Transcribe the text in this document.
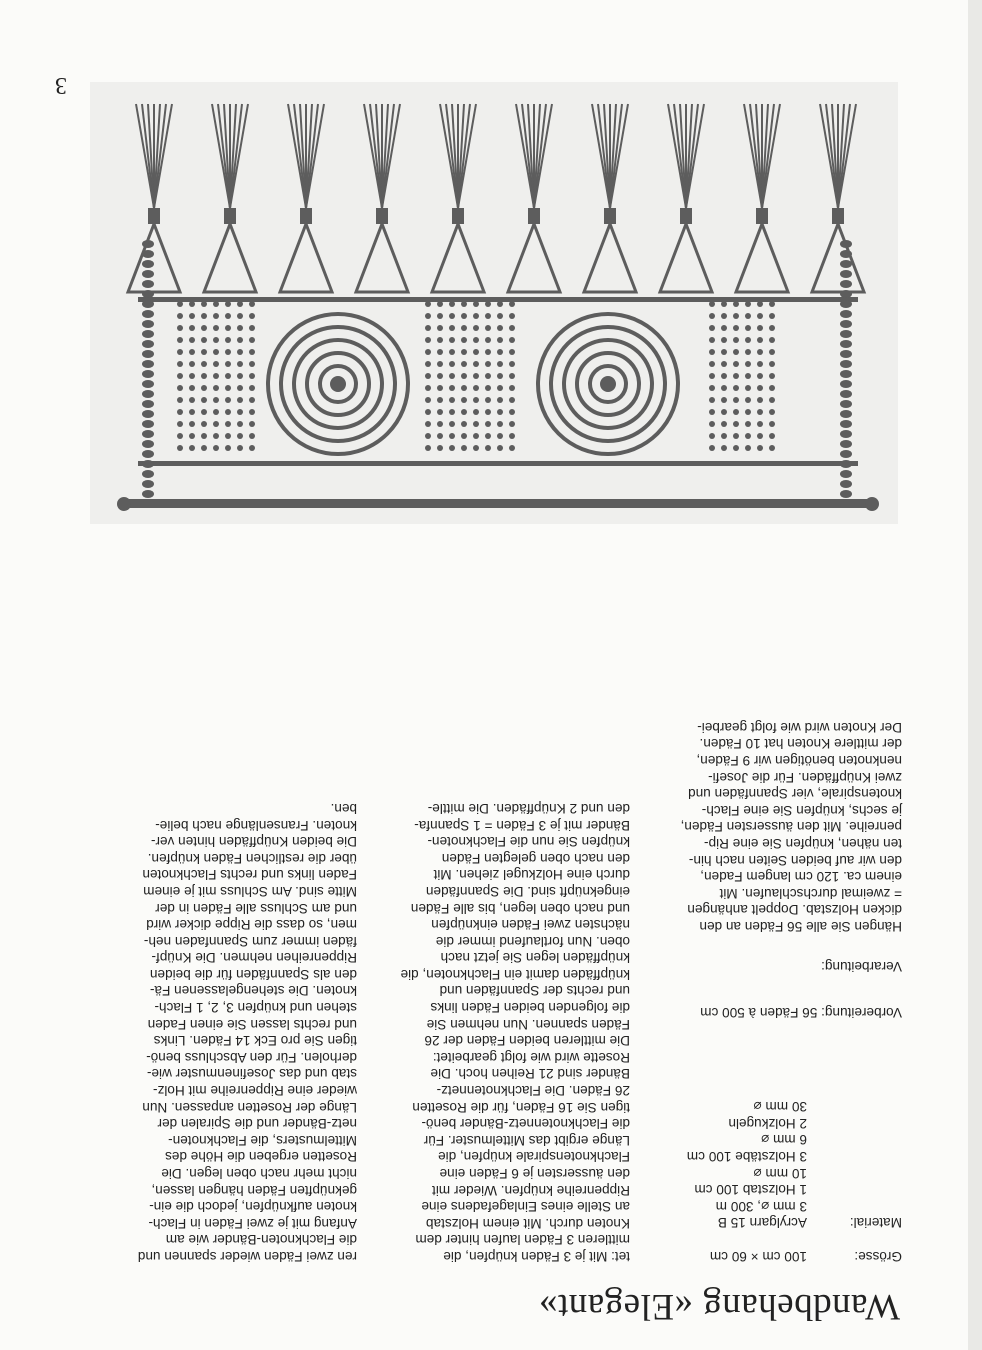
3
Wandbehang «Elegant»
Grösse:
100 cm × 60 cm
Material:
Acrylgarn 15 B
3 mm ⌀, 300 m
1 Holzstab 100 cm
10 mm ⌀
3 Holzstäbe 100 cm
6 mm ⌀
2 Holzkugeln
30 mm ⌀
Vorbereitung: 56 Fäden à 500 cm
Verarbeitung:

Hängen Sie alle 56 Fäden an den

dicken Holzstab. Doppelt anhängen

= zweimal durchschlaufen. Mit

einem ca. 120 cm langem Faden,

den wir auf beiden Seiten nach hin-

ten nähen, knüpfen Sie eine Rip-

penreihe. Mit den äussersten Fäden,

je sechs, knüpfen Sie eine Flach-

knotenspirale, vier Spannfäden und

zwei Knüpffäden. Für die Josefi-

nenknoten benötigen wir 9 Fäden,

der mittlere Knoten hat 10 Fäden.

Der Knoten wird wie folgt gearbei-

tet: Mit je 3 Fäden knüpfen, die

mittleren 3 Fäden laufen hinter dem

Knoten durch. Mit einem Holzstab

an Stelle eines Einlagefadens eine

Rippenreihe knüpfen. Wieder mit

den äussersten je 6 Fäden eine

Flachknotenspirale knüpfen, die

Länge ergibt das Mittelmuster. Für

die Flachknotennetz-Bänder benö-

tigen Sie 16 Fäden, für die Rosetten

26 Fäden. Die Flachknotennetz-

Bänder sind 21 Reihen hoch. Die

Rosette wird wie folgt gearbeitet:

Die mittleren beiden Fäden der 26

Fäden spannen. Nun nehmen Sie

die folgenden beiden Fäden links

und rechts der Spannfäden und

knüpffäden damit ein Flachknoten, die

knüpffäden legen Sie jetzt nach

oben. Nun fortlaufend immer die

nächsten zwei Fäden einknüpfen

und nach oben legen, bis alle Fäden

eingeknüpft sind. Die Spannfäden

durch eine Holzkugel ziehen. Mit

den nach oben gelegten Fäden

knüpfen Sie nun die Flachknoten-

Bänder mit je 3 Fäden = 1 Spannfa-

den und 2 Knüpffäden. Die mittle-

ren zwei Fäden wieder spannen und

die Flachknoten-Bänder wie am

Anfang mit je zwei Fäden in Flach-

knoten aufknüpfen, jedoch die ein-

geknüpften Fäden hängen lassen,

nicht mehr nach oben legen. Die

Rosetten ergeben die Höhe des

Mittelmusters, die Flachknoten-

netz-Bänder und die Spiralen der

Länge der Rosetten anpassen. Nun

wieder eine Rippenreihe mit Holz-

stab und das Josefinenmuster wie-

derholen. Für den Abschluss benö-

tigen Sie pro Eck 14 Fäden. Links

und rechts lassen Sie einen Faden

stehen und knüpfen 3, 2, 1 Flach-

knoten. Die stehengelassenen Fä-

den als Spannfäden für die beiden

Rippenreihen nehmen. Die Knüpf-

fäden immer zum Spannfaden neh-

men, so dass die Rippe dicker wird

und am Schluss alle Fäden in der

Mitte sind. Am Schluss mit je einem

Faden links und rechts Flachknoten

über die restlichen Fäden knüpfen.

Die beiden Knüpffäden hinten ver-

knoten. Fransenlänge nach belie-

ben.
